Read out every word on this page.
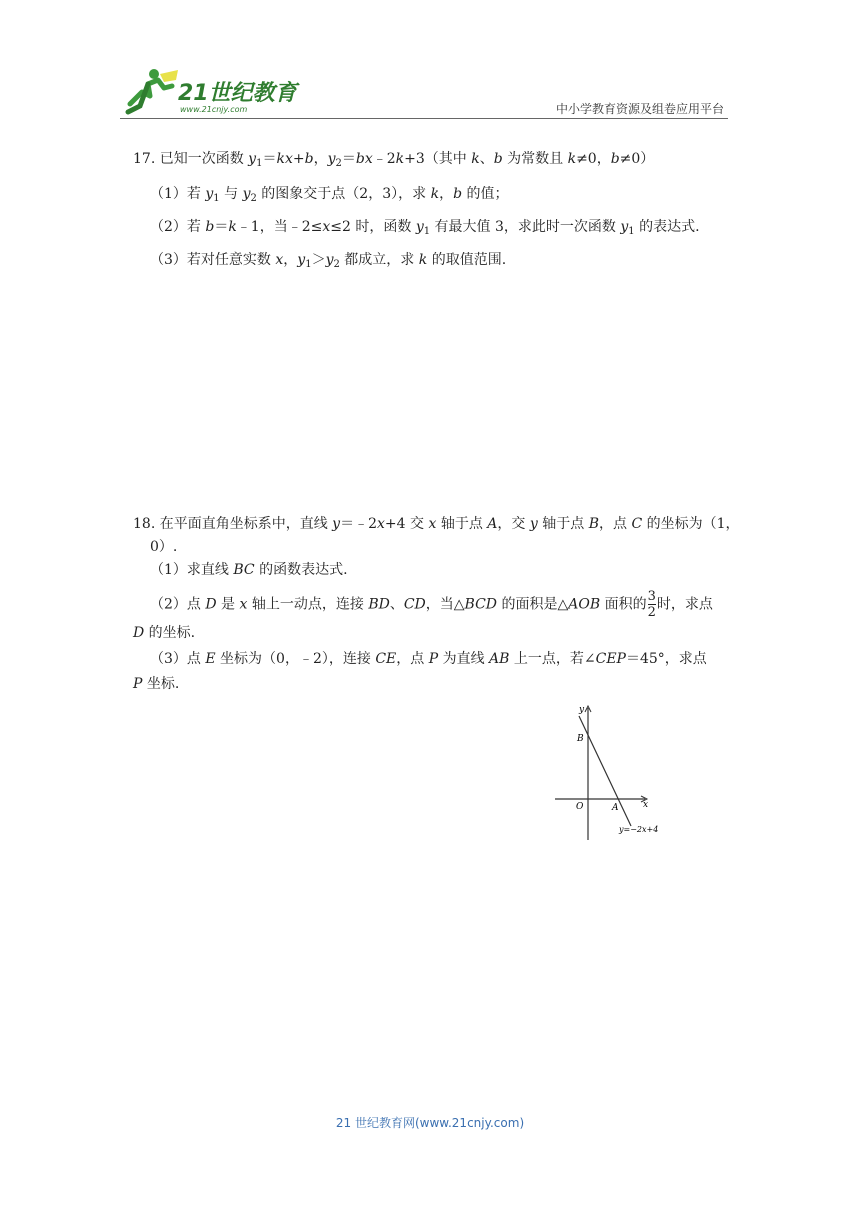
21世纪教育
www.21cnjy.com	中小学教育资源及组卷应用平台
17. 已知一次函数 $y_1=kx+b$，$y_2=bx﹣2k+3$（其中 k、b 为常数且 k≠0，b≠0）
（1）若 $y_1$ 与 $y_2$ 的图象交于点（2，3），求 k，b 的值；
（2）若 b＝k﹣1，当﹣2≤x≤2 时，函数 $y_1$ 有最大值 3，求此时一次函数 $y_1$ 的表达式.
（3）若对任意实数 x，$y_1>y_2$ 都成立，求 k 的取值范围.
18. 在平面直角坐标系中，直线 y＝﹣2x+4 交 x 轴于点 A，交 y 轴于点 B，点 C 的坐标为（1，
0）.
（1）求直线 BC 的函数表达式.
（2）点 D 是 x 轴上一动点，连接 BD、CD，当△BCD 的面积是△AOB 面积的 $\frac{3}{2}$ 时，求点
D 的坐标.
（3）点 E 坐标为（0，﹣2），连接 CE，点 P 为直线 AB 上一点，若∠CEP＝45°，求点
P 坐标.
y
x
O	A
B
y=−2x+4
21 世纪教育网(www.21cnjy.com)
